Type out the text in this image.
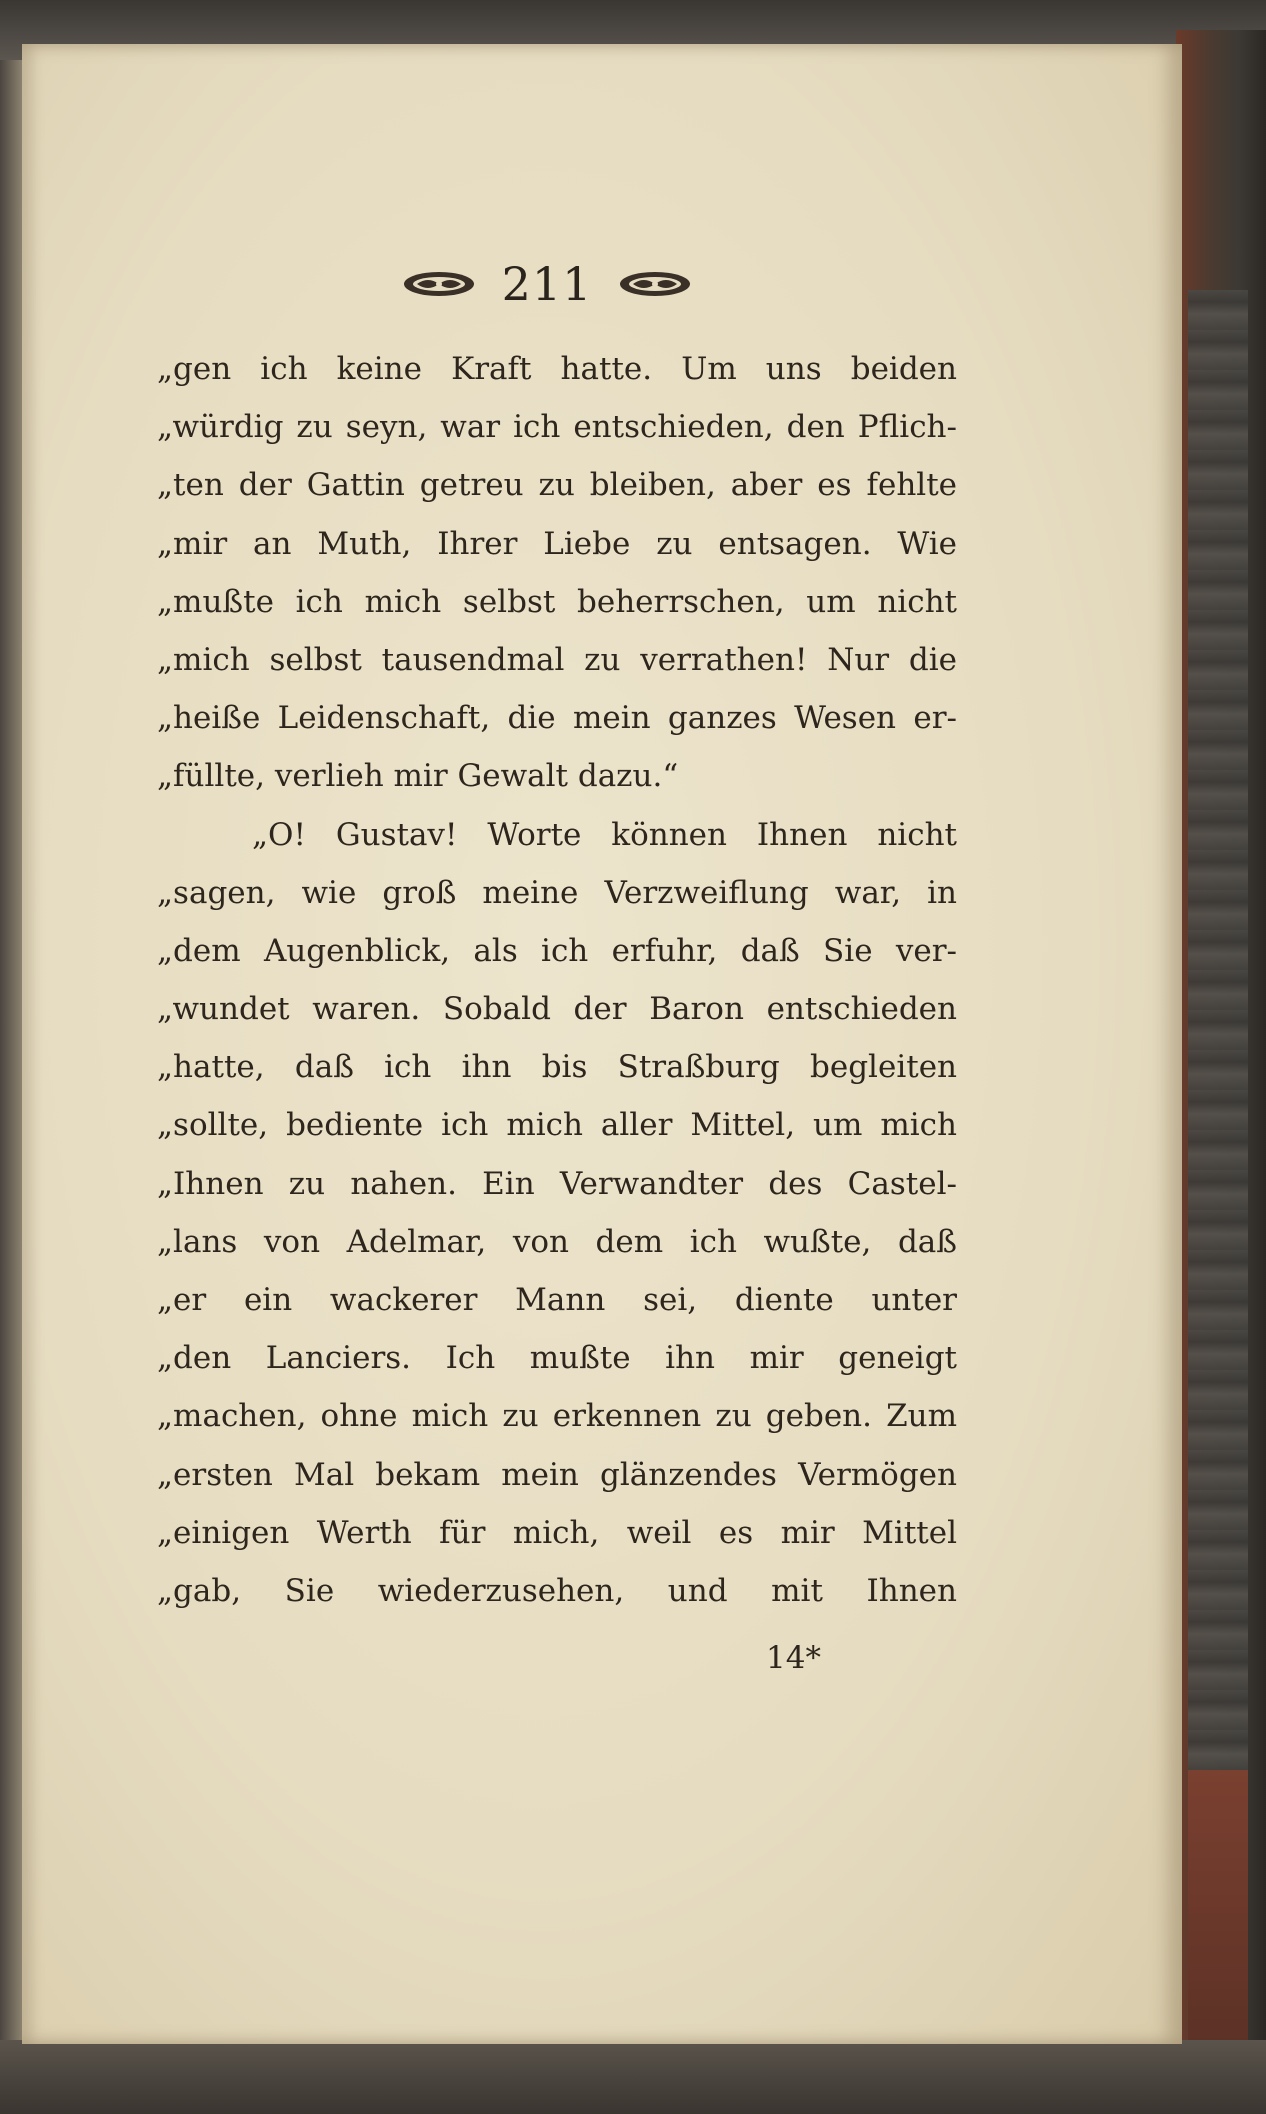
211
„gen ich keine Kraft hatte. Um uns beiden
„würdig zu seyn, war ich entschieden, den Pflich-
„ten der Gattin getreu zu bleiben, aber es fehlte
„mir an Muth, Ihrer Liebe zu entsagen. Wie
„mußte ich mich selbst beherrschen, um nicht
„mich selbst tausendmal zu verrathen! Nur die
„heiße Leidenschaft, die mein ganzes Wesen er-
„füllte, verlieh mir Gewalt dazu.“
„O! Gustav! Worte können Ihnen nicht
„sagen, wie groß meine Verzweiflung war, in
„dem Augenblick, als ich erfuhr, daß Sie ver-
„wundet waren. Sobald der Baron entschieden
„hatte, daß ich ihn bis Straßburg begleiten
„sollte, bediente ich mich aller Mittel, um mich
„Ihnen zu nahen. Ein Verwandter des Castel-
„lans von Adelmar, von dem ich wußte, daß
„er ein wackerer Mann sei, diente unter
„den Lanciers. Ich mußte ihn mir geneigt
„machen, ohne mich zu erkennen zu geben. Zum
„ersten Mal bekam mein glänzendes Vermögen
„einigen Werth für mich, weil es mir Mittel
„gab, Sie wiederzusehen, und mit Ihnen
14*
